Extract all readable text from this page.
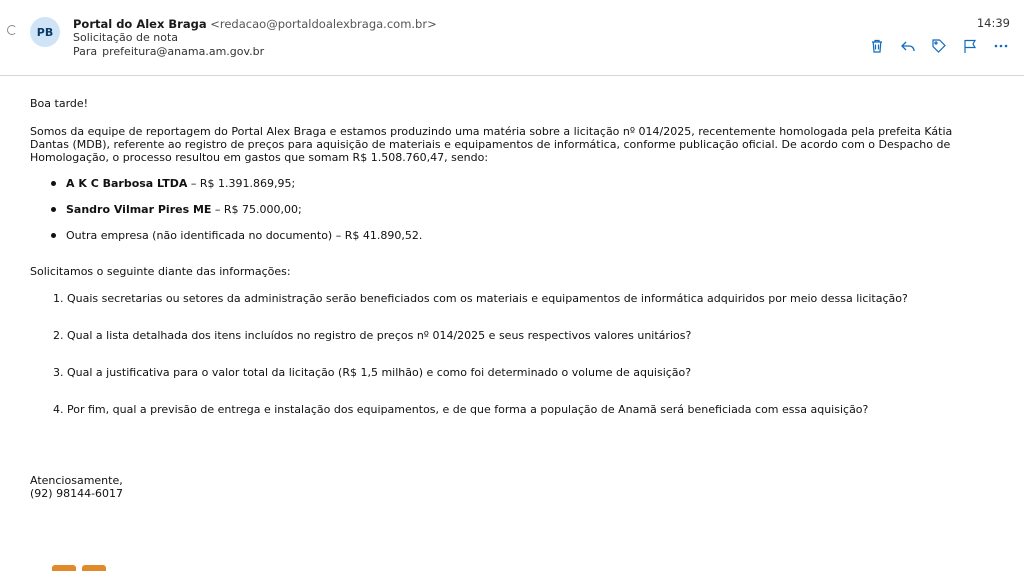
PB
Portal do Alex Braga <redacao@portaldoalexbraga.com.br>
Solicitação de nota
Para prefeitura@anama.am.gov.br
14:39

Boa tarde!

Somos da equipe de reportagem do Portal Alex Braga e estamos produzindo uma matéria sobre a licitação nº 014/2025, recentemente homologada pela prefeita Kátia Dantas (MDB), referente ao registro de preços para aquisição de materiais e equipamentos de informática, conforme publicação oficial. De acordo com o Despacho de Homologação, o processo resultou em gastos que somam R$ 1.508.760,47, sendo:

A K C Barbosa LTDA – R$ 1.391.869,95;
Sandro Vilmar Pires ME – R$ 75.000,00;
Outra empresa (não identificada no documento) – R$ 41.890,52.

Solicitamos o seguinte diante das informações:

1. Quais secretarias ou setores da administração serão beneficiados com os materiais e equipamentos de informática adquiridos por meio dessa licitação?
2. Qual a lista detalhada dos itens incluídos no registro de preços nº 014/2025 e seus respectivos valores unitários?
3. Qual a justificativa para o valor total da licitação (R$ 1,5 milhão) e como foi determinado o volume de aquisição?
4. Por fim, qual a previsão de entrega e instalação dos equipamentos, e de que forma a população de Anamã será beneficiada com essa aquisição?

Atenciosamente,

(92) 98144-6017
